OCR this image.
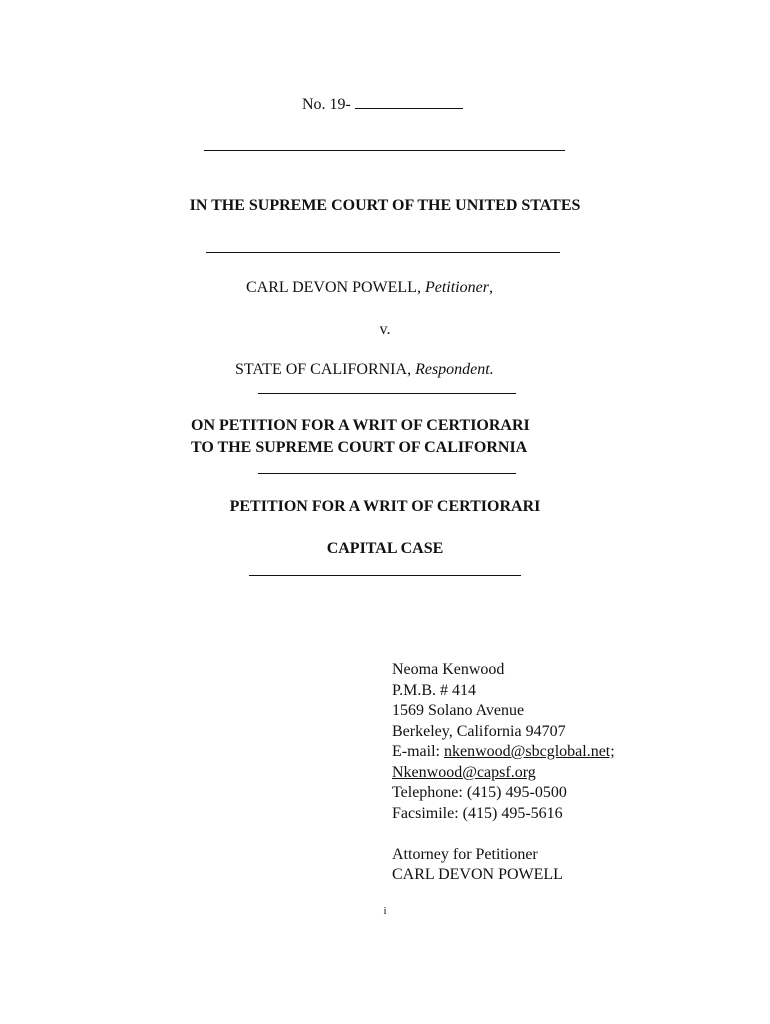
No. 19-
IN THE SUPREME COURT OF THE UNITED STATES
CARL DEVON POWELL, Petitioner,
v.
STATE OF CALIFORNIA, Respondent.
ON PETITION FOR A WRIT OF CERTIORARI
TO THE SUPREME COURT OF CALIFORNIA
PETITION FOR A WRIT OF CERTIORARI
CAPITAL CASE
Neoma Kenwood
P.M.B. # 414
1569 Solano Avenue
Berkeley, California 94707
E-mail: nkenwood@sbcglobal.net;
Nkenwood@capsf.org
Telephone: (415) 495-0500
Facsimile: (415) 495-5616
Attorney for Petitioner
CARL DEVON POWELL
i
